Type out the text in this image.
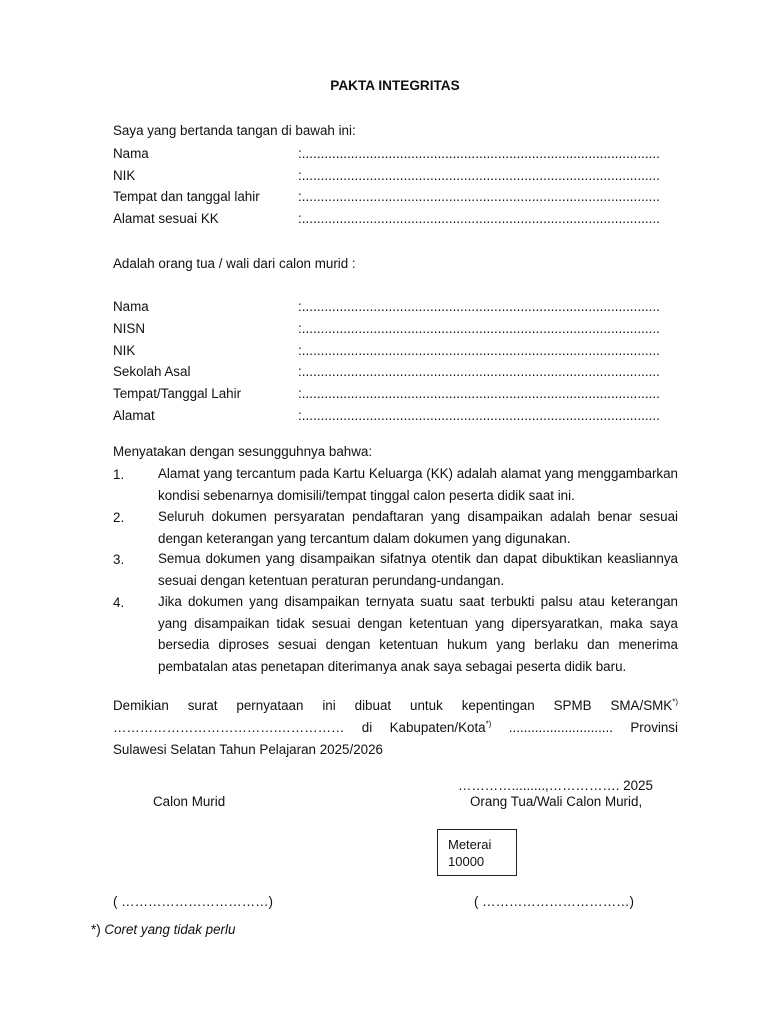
PAKTA INTEGRITAS
Saya yang bertanda tangan di bawah ini:
Nama	:...............................................................................................
NIK	:...............................................................................................
Tempat dan tanggal lahir	:...............................................................................................
Alamat sesuai KK	:...............................................................................................
Adalah orang tua / wali dari calon murid :
Nama	:...............................................................................................
NISN	:...............................................................................................
NIK	:...............................................................................................
Sekolah Asal	:...............................................................................................
Tempat/Tanggal Lahir	:...............................................................................................
Alamat	:...............................................................................................
Menyatakan dengan sesungguhnya bahwa:
1.	Alamat yang tercantum pada Kartu Keluarga (KK) adalah alamat yang menggambarkan kondisi sebenarnya domisili/tempat tinggal calon peserta didik saat ini.
2.	Seluruh dokumen persyaratan pendaftaran yang disampaikan adalah benar sesuai dengan keterangan yang tercantum dalam dokumen yang digunakan.
3.	Semua dokumen yang disampaikan sifatnya otentik dan dapat dibuktikan keasliannya sesuai dengan ketentuan peraturan perundang-undangan.
4.	Jika dokumen yang disampaikan ternyata suatu saat terbukti palsu atau keterangan yang disampaikan tidak sesuai dengan ketentuan yang dipersyaratkan, maka saya bersedia diproses sesuai dengan ketentuan hukum yang berlaku dan menerima pembatalan atas penetapan diterimanya anak saya sebagai peserta didik baru.
Demikian surat pernyataan ini dibuat untuk kepentingan SPMB SMA/SMK*)
……………………………….…………… di Kabupaten/Kota*) ............................ Provinsi
Sulawesi Selatan Tahun Pelajaran 2025/2026
………….........,……………. 2025
Calon Murid	Orang Tua/Wali Calon Murid,
Meterai
10000
( ……………………………)	( ……………………………)
*) Coret yang tidak perlu
